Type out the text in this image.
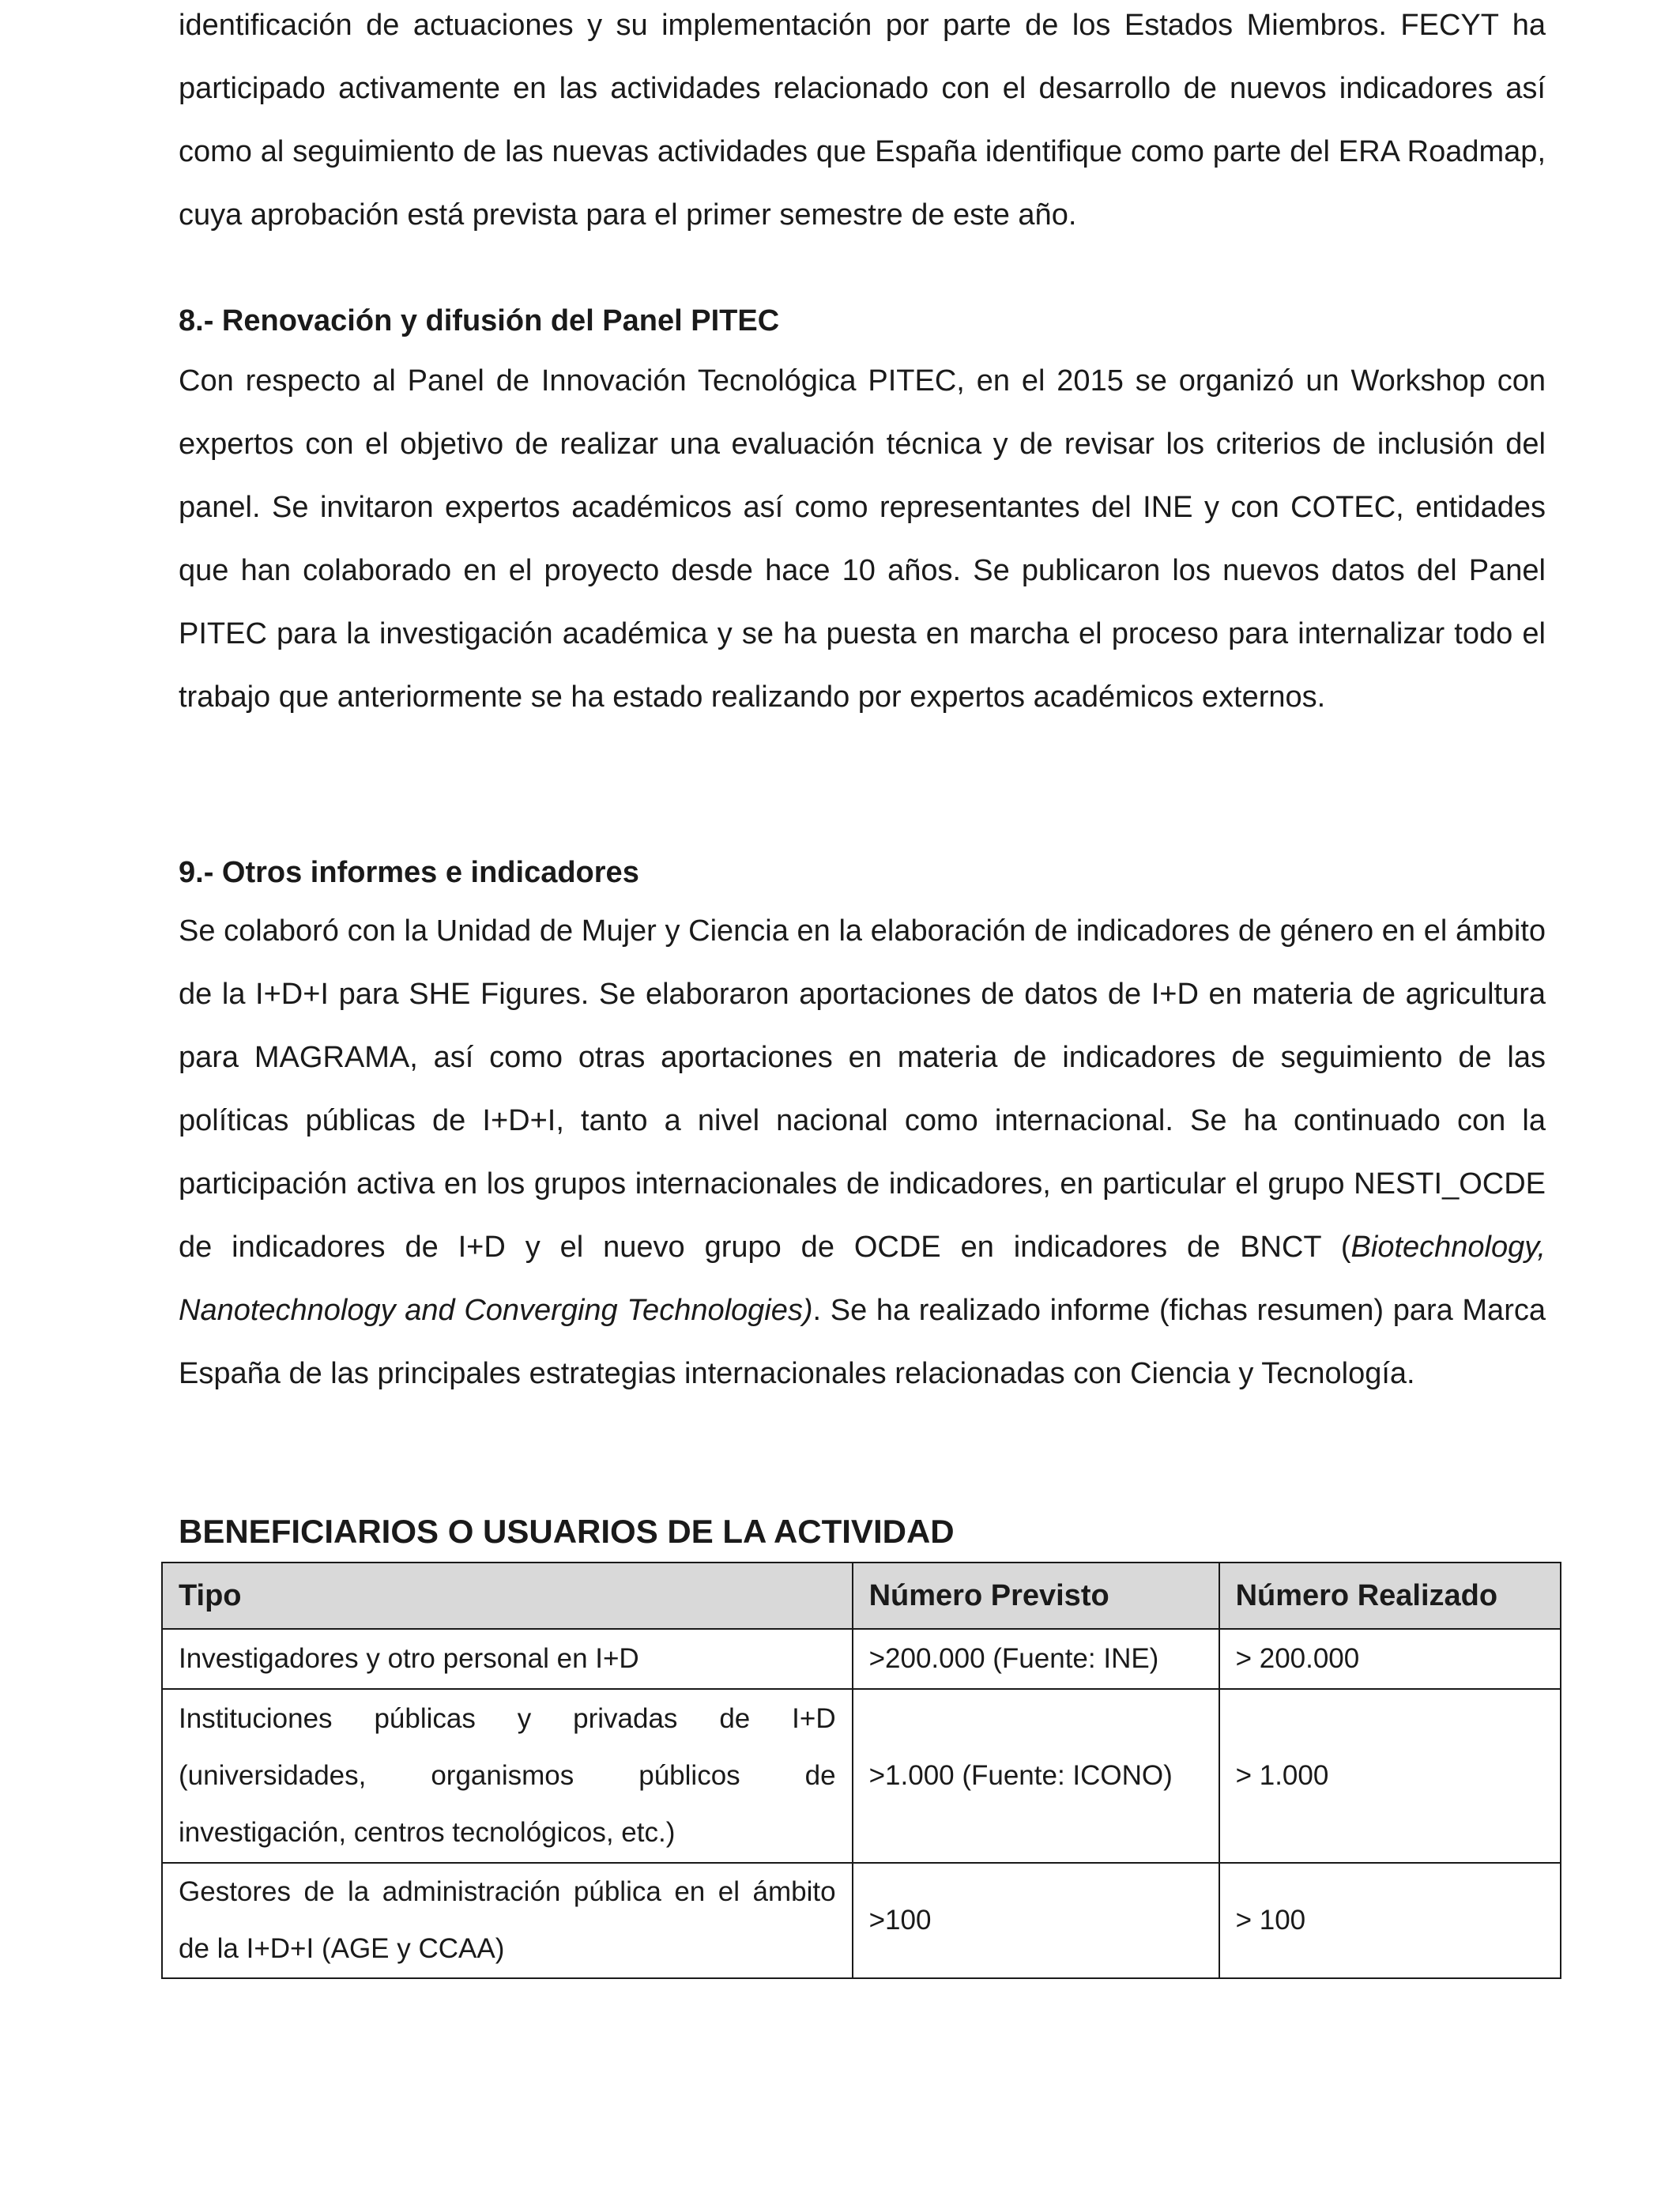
identificación de actuaciones y su implementación por parte de los Estados Miembros. FECYT ha participado activamente en las actividades relacionado con el desarrollo de nuevos indicadores así como al seguimiento de las nuevas actividades que España identifique como parte del ERA Roadmap, cuya aprobación está prevista para el primer semestre de este año.

8.- Renovación y difusión del Panel PITEC

Con respecto al Panel de Innovación Tecnológica PITEC, en el 2015 se organizó un Workshop con expertos con el objetivo de realizar una evaluación técnica y de revisar los criterios de inclusión del panel. Se invitaron expertos académicos así como representantes del INE y con COTEC, entidades que han colaborado en el proyecto desde hace 10 años. Se publicaron los nuevos datos del Panel PITEC para la investigación académica y se ha puesta en marcha el proceso para internalizar todo el trabajo que anteriormente se ha estado realizando por expertos académicos externos.

9.- Otros informes e indicadores

Se colaboró con la Unidad de Mujer y Ciencia en la elaboración de indicadores de género en el ámbito de la I+D+I para SHE Figures. Se elaboraron aportaciones de datos de I+D en materia de agricultura para MAGRAMA, así como otras aportaciones en materia de indicadores de seguimiento de las políticas públicas de I+D+I, tanto a nivel nacional como internacional. Se ha continuado con la participación activa en los grupos internacionales de indicadores, en particular el grupo NESTI_OCDE de indicadores de I+D y el nuevo grupo de OCDE en indicadores de BNCT (Biotechnology, Nanotechnology and Converging Technologies). Se ha realizado informe (fichas resumen) para Marca España de las principales estrategias internacionales relacionadas con Ciencia y Tecnología.

BENEFICIARIOS O USUARIOS DE LA ACTIVIDAD
Tipo	Número Previsto	Número Realizado
Investigadores y otro personal en I+D	>200.000 (Fuente: INE)	> 200.000
Instituciones públicas y privadas de I+D (universidades, organismos públicos de investigación, centros tecnológicos, etc.)	>1.000 (Fuente: ICONO)	> 1.000
Gestores de la administración pública en el ámbito de la I+D+I (AGE y CCAA)	>100	> 100
